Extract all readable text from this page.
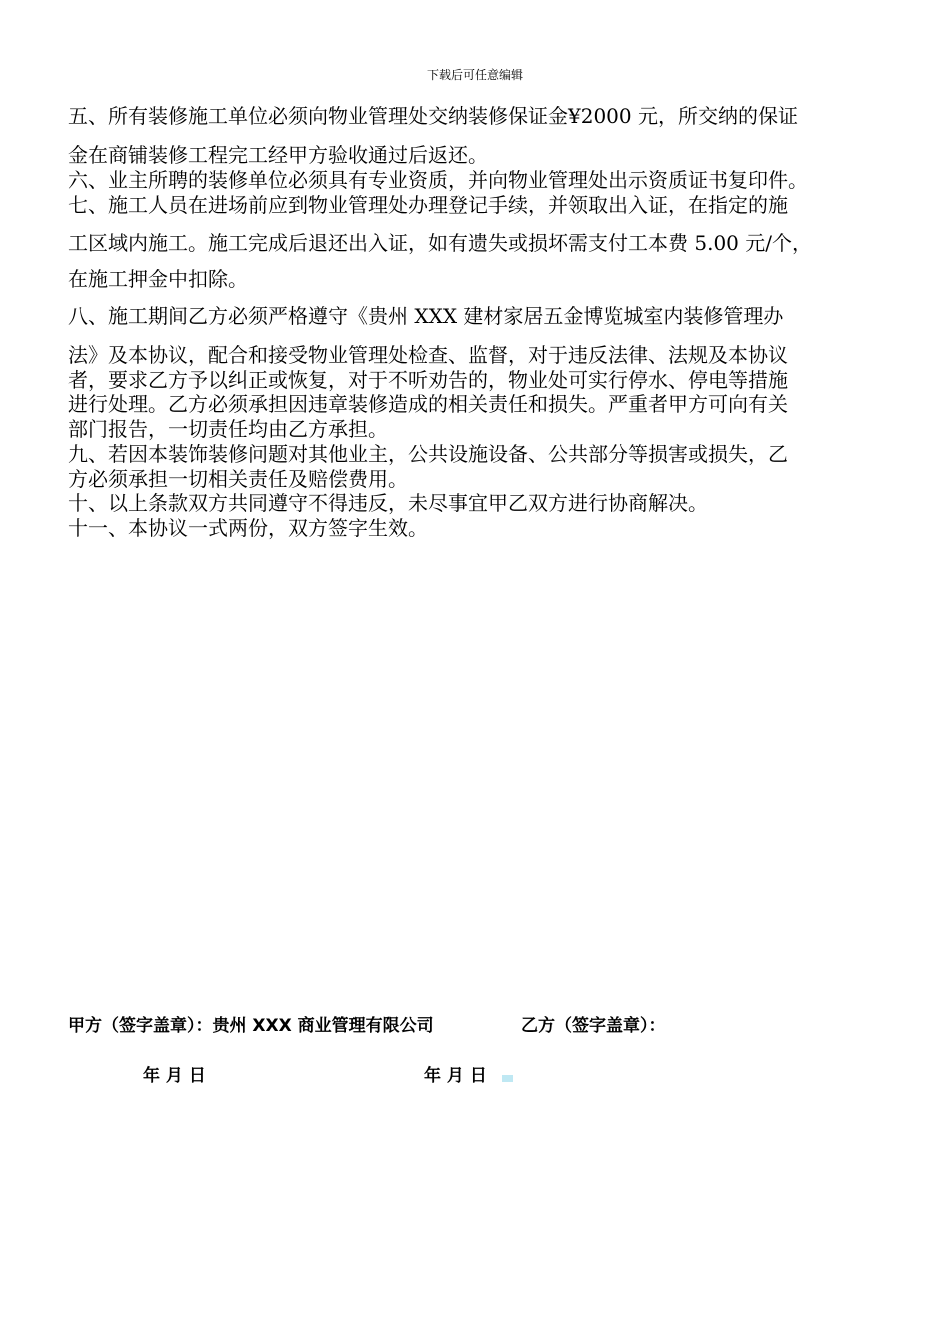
下载后可任意编辑
五、所有装修施工单位必须向物业管理处交纳装修保证金¥2000 元，所交纳的保证
金在商铺装修工程完工经甲方验收通过后返还。
六、业主所聘的装修单位必须具有专业资质，并向物业管理处出示资质证书复印件。
七、施工人员在进场前应到物业管理处办理登记手续，并领取出入证，在指定的施
工区域内施工。施工完成后退还出入证，如有遗失或损坏需支付工本费 5.00 元/个，
在施工押金中扣除。
八、施工期间乙方必须严格遵守《贵州 XXX 建材家居五金博览城室内装修管理办
法》及本协议，配合和接受物业管理处检查、监督，对于违反法律、法规及本协议
者，要求乙方予以纠正或恢复，对于不听劝告的，物业处可实行停水、停电等措施
进行处理。乙方必须承担因违章装修造成的相关责任和损失。严重者甲方可向有关
部门报告，一切责任均由乙方承担。
九、若因本装饰装修问题对其他业主，公共设施设备、公共部分等损害或损失，乙
方必须承担一切相关责任及赔偿费用。
十、以上条款双方共同遵守不得违反，未尽事宜甲乙双方进行协商解决。
十一、本协议一式两份，双方签字生效。
甲方（签字盖章）：贵州 XXX 商业管理有限公司	乙方（签字盖章）：
年 月 日	年 月 日
